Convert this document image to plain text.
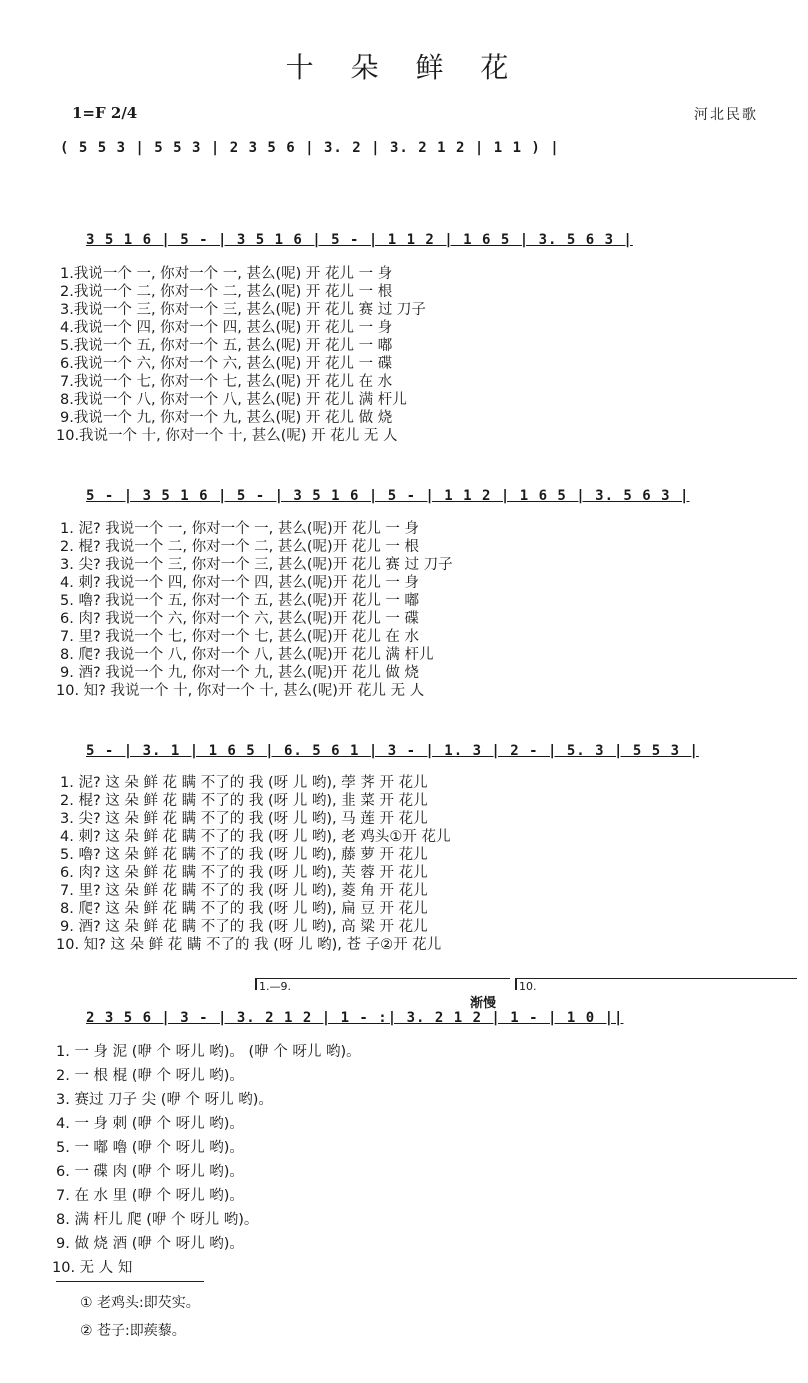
十 朵 鲜 花
1=F 2/4	河北民歌
( 5 5 3 | 5 5 3 | 2 3 5 6 | 3. 2 | 3. 2 1 2 | 1 1 ) |
3 5 1 6 | 5 - | 3 5 1 6 | 5 - | 1 1 2 | 1 6 5 | 3. 5 6 3 |
1.我说一个 一, 你对一个 一, 甚么(呢) 开 花儿 一 身
2.我说一个 二, 你对一个 二, 甚么(呢) 开 花儿 一 根
3.我说一个 三, 你对一个 三, 甚么(呢) 开 花儿 赛 过 刀子
4.我说一个 四, 你对一个 四, 甚么(呢) 开 花儿 一 身
5.我说一个 五, 你对一个 五, 甚么(呢) 开 花儿 一 嘟
6.我说一个 六, 你对一个 六, 甚么(呢) 开 花儿 一 碟
7.我说一个 七, 你对一个 七, 甚么(呢) 开 花儿 在 水
8.我说一个 八, 你对一个 八, 甚么(呢) 开 花儿 满 杆儿
9.我说一个 九, 你对一个 九, 甚么(呢) 开 花儿 做 烧
10.我说一个 十, 你对一个 十, 甚么(呢) 开 花儿 无 人
5 - | 3 5 1 6 | 5 - | 3 5 1 6 | 5 - | 1 1 2 | 1 6 5 | 3. 5 6 3 |
1. 泥? 我说一个 一, 你对一个 一, 甚么(呢)开 花儿 一 身
2. 棍? 我说一个 二, 你对一个 二, 甚么(呢)开 花儿 一 根
3. 尖? 我说一个 三, 你对一个 三, 甚么(呢)开 花儿 赛 过 刀子
4. 刺? 我说一个 四, 你对一个 四, 甚么(呢)开 花儿 一 身
5. 嚕? 我说一个 五, 你对一个 五, 甚么(呢)开 花儿 一 嘟
6. 肉? 我说一个 六, 你对一个 六, 甚么(呢)开 花儿 一 碟
7. 里? 我说一个 七, 你对一个 七, 甚么(呢)开 花儿 在 水
8. 爬? 我说一个 八, 你对一个 八, 甚么(呢)开 花儿 满 杆儿
9. 酒? 我说一个 九, 你对一个 九, 甚么(呢)开 花儿 做 烧
10. 知? 我说一个 十, 你对一个 十, 甚么(呢)开 花儿 无 人
5 - | 3. 1 | 1 6 5 | 6. 5 6 1 | 3 - | 1. 3 | 2 - | 5. 3 | 5 5 3 |
1. 泥? 这 朵 鲜 花 瞒 不了的 我 (呀 儿 哟), 荸 荠 开 花儿
2. 棍? 这 朵 鲜 花 瞒 不了的 我 (呀 儿 哟), 韭 菜 开 花儿
3. 尖? 这 朵 鲜 花 瞒 不了的 我 (呀 儿 哟), 马 莲 开 花儿
4. 刺? 这 朵 鲜 花 瞒 不了的 我 (呀 儿 哟), 老 鸡头①开 花儿
5. 嚕? 这 朵 鲜 花 瞒 不了的 我 (呀 儿 哟), 藤 萝 开 花儿
6. 肉? 这 朵 鲜 花 瞒 不了的 我 (呀 儿 哟), 芙 蓉 开 花儿
7. 里? 这 朵 鲜 花 瞒 不了的 我 (呀 儿 哟), 菱 角 开 花儿
8. 爬? 这 朵 鲜 花 瞒 不了的 我 (呀 儿 哟), 扁 豆 开 花儿
9. 酒? 这 朵 鲜 花 瞒 不了的 我 (呀 儿 哟), 高 粱 开 花儿
10. 知? 这 朵 鲜 花 瞒 不了的 我 (呀 儿 哟), 苍 子②开 花儿
1.—9.	10.
渐慢
2 3 5 6 | 3 - | 3. 2 1 2 | 1 - :| 3. 2 1 2 | 1 - | 1 0 ||
1. 一 身 泥 (咿 个 呀儿 哟)。 (咿 个 呀儿 哟)。
2. 一 根 棍 (咿 个 呀儿 哟)。
3. 赛过 刀子 尖 (咿 个 呀儿 哟)。
4. 一 身 刺 (咿 个 呀儿 哟)。
5. 一 嘟 嚕 (咿 个 呀儿 哟)。
6. 一 碟 肉 (咿 个 呀儿 哟)。
7. 在 水 里 (咿 个 呀儿 哟)。
8. 满 杆儿 爬 (咿 个 呀儿 哟)。
9. 做 烧 酒 (咿 个 呀儿 哟)。
10. 无 人 知
① 老鸡头:即芡实。
② 苍子:即蒺藜。
